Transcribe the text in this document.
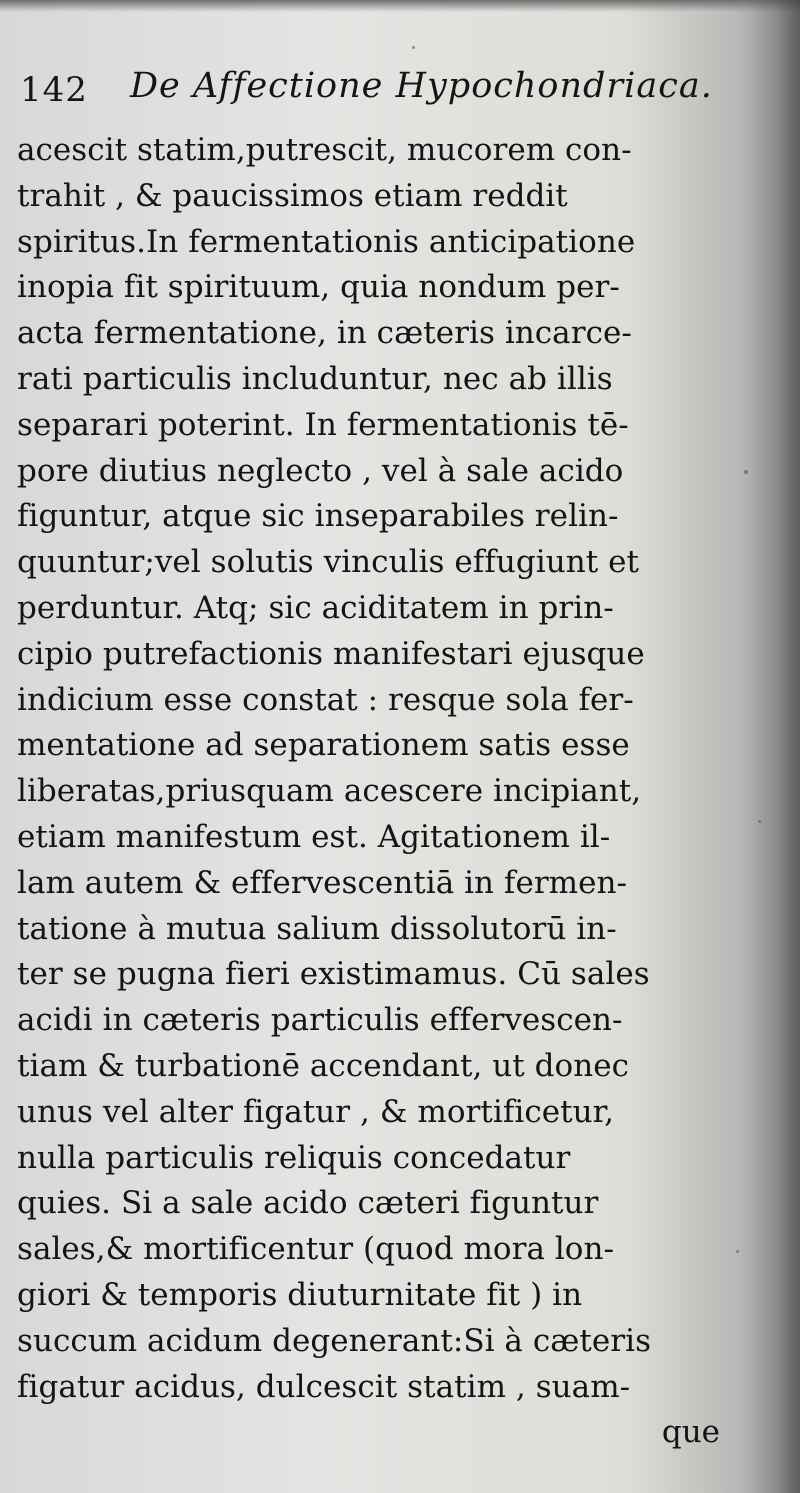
142 De Affectione Hypochondriaca.
acescit statim,putrescit, mucorem con-
trahit , & paucissimos etiam reddit
spiritus.In fermentationis anticipatione
inopia fit spirituum, quia nondum per-
acta fermentatione, in cæteris incarce-
rati particulis includuntur, nec ab illis
separari poterint. In fermentationis tē-
pore diutius neglecto , vel à sale acido
figuntur, atque sic inseparabiles relin-
quuntur;vel solutis vinculis effugiunt et
perduntur. Atq; sic aciditatem in prin-
cipio putrefactionis manifestari ejusque
indicium esse constat : resque sola fer-
mentatione ad separationem satis esse
liberatas,priusquam acescere incipiant,
etiam manifestum est. Agitationem il-
lam autem & effervescentiā in fermen-
tatione à mutua salium dissolutorū in-
ter se pugna fieri existimamus. Cū sales
acidi in cæteris particulis effervescen-
tiam & turbationē accendant, ut donec
unus vel alter figatur , & mortificetur,
nulla particulis reliquis concedatur
quies. Si a sale acido cæteri figuntur
sales,& mortificentur (quod mora lon-
giori & temporis diuturnitate fit ) in
succum acidum degenerant:Si à cæteris
figatur acidus, dulcescit statim , suam-
que
